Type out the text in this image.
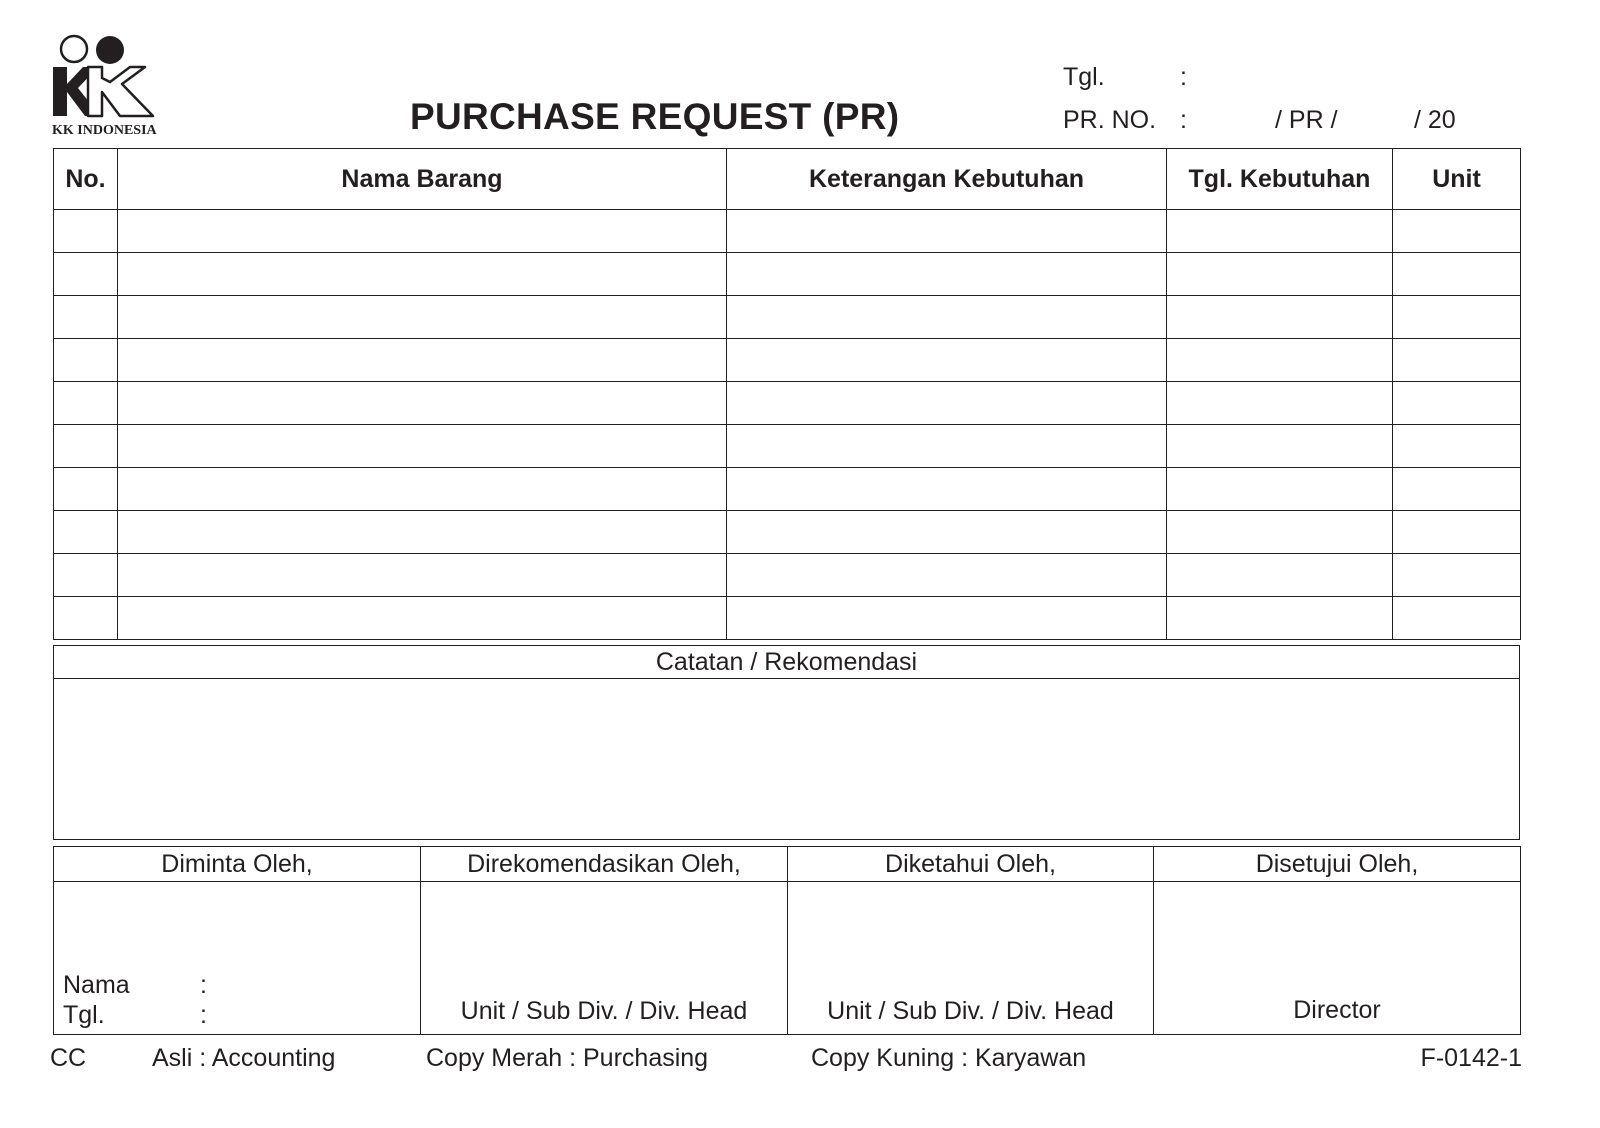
KK INDONESIA	PURCHASE REQUEST (PR)
Tgl.	:
PR. NO. :	/ PR /	/ 20
No.	Nama Barang	Keterangan Kebutuhan	Tgl. Kebutuhan	Unit

Catatan / Rekomendasi
Diminta Oleh,	Direkomendasikan Oleh,	Diketahui Oleh,	Disetujui Oleh,

Nama :
Tgl. :	Unit / Sub Div. / Div. Head	Unit / Sub Div. / Div. Head	Director
CC	Asli : Accounting	Copy Merah : Purchasing	Copy Kuning : Karyawan	F-0142-1
